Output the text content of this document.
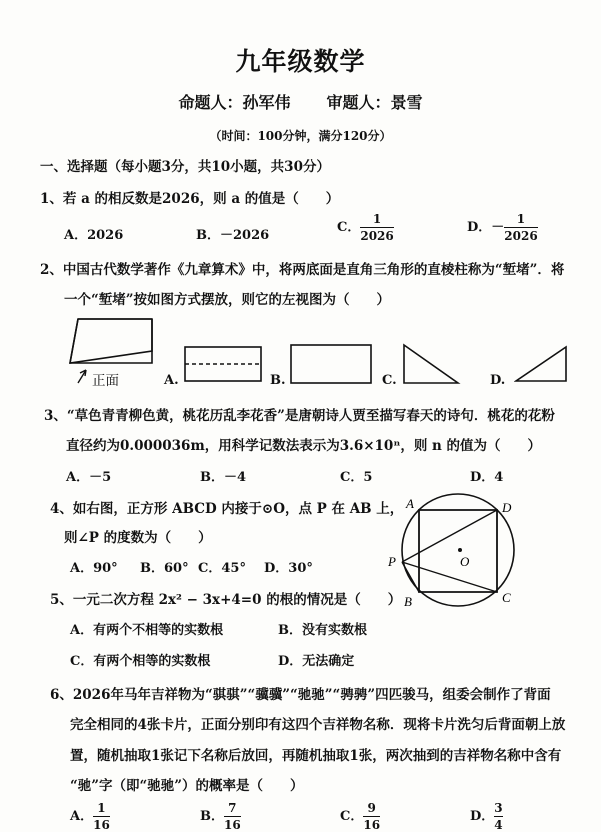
九年级数学
命题人：孙军伟 审题人：景雪
（时间：100分钟，满分120分）
一、选择题（每小题3分，共10小题，共30分）
1、若 a 的相反数是2026，则 a 的值是（　　）
A．2026	B．－2026
C． $\frac{1}{2026}$	D．－ $\frac{1}{2026}$
2、中国古代数学著作《九章算术》中，将两底面是直角三角形的直棱柱称为“堑堵”．将
一个“堑堵”按如图方式摆放，则它的左视图为（　　）
正面	A.	B.	C.	D.
3、“草色青青柳色黄，桃花历乱李花香”是唐朝诗人贾至描写春天的诗句．桃花的花粉
直径约为0.000036m，用科学记数法表示为3.6×10ⁿ，则 n 的值为（　　）
A．－5	B．－4	C．5	D．4
4、如右图，正方形 ABCD 内接于⊙O，点 P 在 AB 上，
则∠P 的度数为（　　）
A．90° B．60° C．45° D．30°
A	D
O
P
B	C
5、一元二次方程 2x² − 3x+4=0 的根的情况是（　　）
A．有两个不相等的实数根	B．没有实数根
C．有两个相等的实数根	D．无法确定
6、2026年马年吉祥物为“骐骐”“骥骥”“驰驰”“骋骋”四匹骏马，组委会制作了背面
完全相同的4张卡片，正面分别印有这四个吉祥物名称．现将卡片洗匀后背面朝上放
置，随机抽取1张记下名称后放回，再随机抽取1张，两次抽到的吉祥物名称中含有
“驰”字（即“驰驰”）的概率是（　　）
A． $\frac{1}{16}$	B． $\frac{7}{16}$	C． $\frac{9}{16}$	D． $\frac{3}{4}$
